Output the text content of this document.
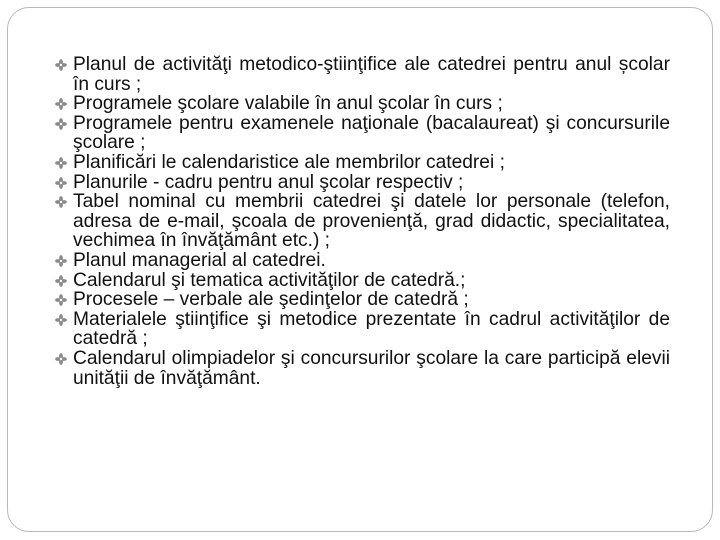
Planul de activităţi metodico-ştiinţifice ale catedrei pentru anul școlar în curs ;
Programele şcolare valabile în anul şcolar în curs ;
Programele pentru examenele naţionale (bacalaureat) şi concursurile şcolare ;
Planificări le calendaristice ale membrilor catedrei ;
Planurile - cadru pentru anul şcolar respectiv ;
Tabel nominal cu membrii catedrei şi datele lor personale (telefon, adresa de e-mail, şcoala de provenienţă, grad didactic, specialitatea, vechimea în învăţământ etc.) ;
Planul managerial al catedrei.
Calendarul şi tematica activităţilor de catedră.;
Procesele – verbale ale şedinţelor de catedră ;
Materialele ştiinţifice şi metodice prezentate în cadrul activităţilor de catedră ;
Calendarul olimpiadelor şi concursurilor şcolare la care participă elevii unităţii de învăţământ.
